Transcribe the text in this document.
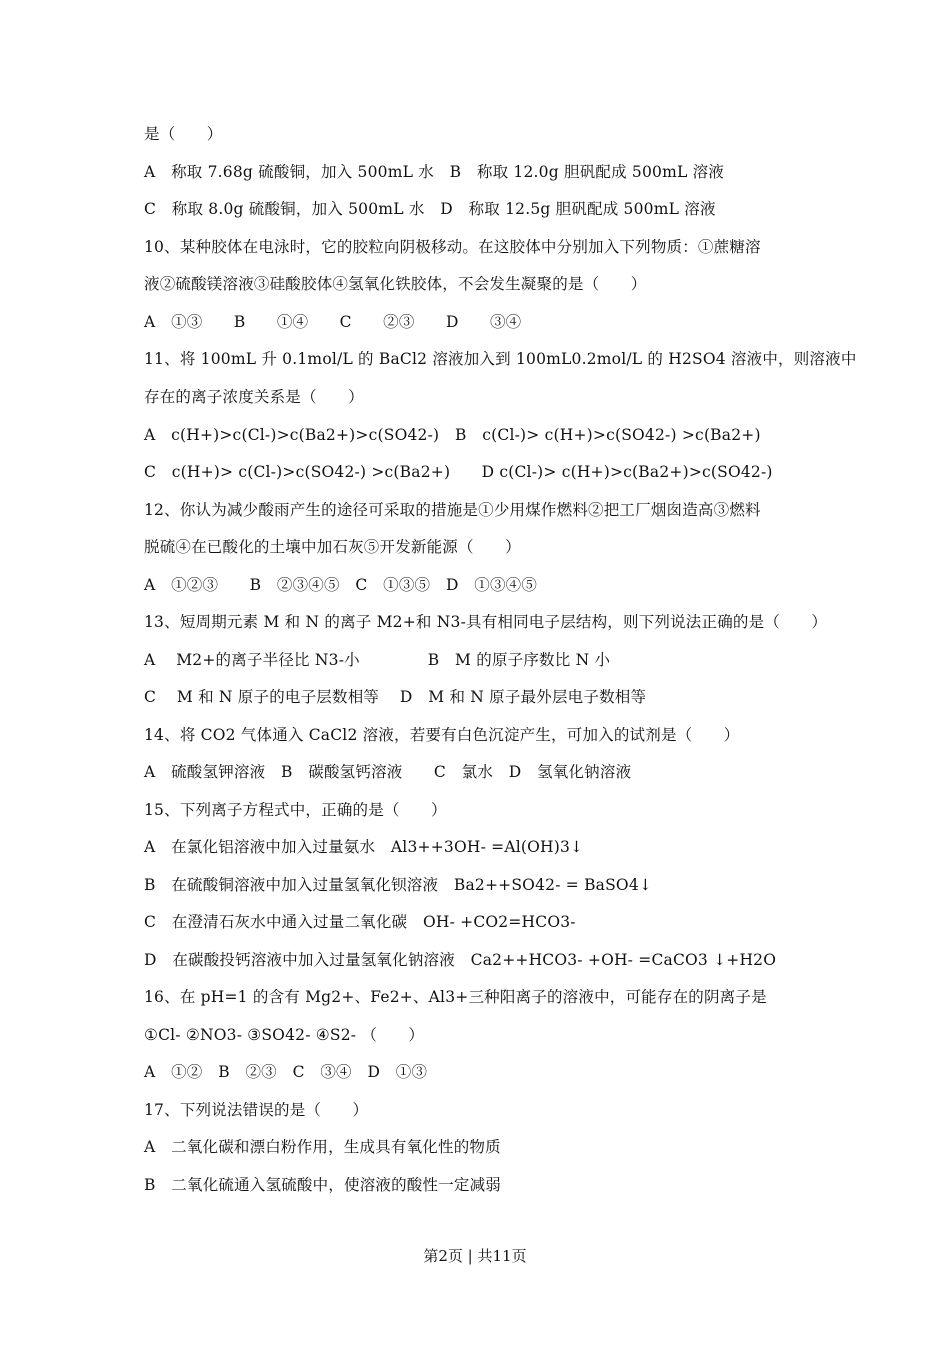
是（　　）
A　称取 7.68g 硫酸铜，加入 500mL 水　B　称取 12.0g 胆矾配成 500mL 溶液
C　称取 8.0g 硫酸铜，加入 500mL 水　D　称取 12.5g 胆矾配成 500mL 溶液
10、某种胶体在电泳时，它的胶粒向阴极移动。在这胶体中分别加入下列物质：①蔗糖溶
液②硫酸镁溶液③硅酸胶体④氢氧化铁胶体，不会发生凝聚的是（　　）
A　①③　　B　　①④　　C　　②③　　D　　③④
11、将 100mL 升 0.1mol/L 的 BaCl2 溶液加入到 100mL0.2mol/L 的 H2SO4 溶液中，则溶液中
存在的离子浓度关系是（　　）
A　c(H+)>c(Cl-)>c(Ba2+)>c(SO42-)　B　c(Cl-)> c(H+)>c(SO42-) >c(Ba2+)
C　c(H+)> c(Cl-)>c(SO42-) >c(Ba2+)　　D c(Cl-)> c(H+)>c(Ba2+)>c(SO42-)
12、你认为减少酸雨产生的途径可采取的措施是①少用煤作燃料②把工厂烟囱造高③燃料
脱硫④在已酸化的土壤中加石灰⑤开发新能源（　　）
A　①②③　　B　②③④⑤　C　①③⑤　D　①③④⑤
13、短周期元素 M 和 N 的离子 M2+和 N3-具有相同电子层结构，则下列说法正确的是（　　）
A　 M2+的离子半径比 N3-小　　　　 B　M 的原子序数比 N 小
C　 M 和 N 原子的电子层数相等　 D　M 和 N 原子最外层电子数相等
14、将 CO2 气体通入 CaCl2 溶液，若要有白色沉淀产生，可加入的试剂是（　　）
A　硫酸氢钾溶液　B　碳酸氢钙溶液　　C　氯水　D　氢氧化钠溶液
15、下列离子方程式中，正确的是（　　）
A　在氯化铝溶液中加入过量氨水　Al3++3OH- =Al(OH)3↓
B　在硫酸铜溶液中加入过量氢氧化钡溶液　Ba2++SO42- = BaSO4↓
C　在澄清石灰水中通入过量二氧化碳　OH- +CO2=HCO3-
D　在碳酸投钙溶液中加入过量氢氧化钠溶液　Ca2++HCO3- +OH- =CaCO3 ↓+H2O
16、在 pH=1 的含有 Mg2+、Fe2+、Al3+三种阳离子的溶液中，可能存在的阴离子是
①Cl- ②NO3- ③SO42- ④S2- （　　）
A　①②　B　②③　C　③④　D　①③
17、下列说法错误的是（　　）
A　二氧化碳和漂白粉作用，生成具有氧化性的物质
B　二氧化硫通入氢硫酸中，使溶液的酸性一定减弱
第2页 | 共11页
